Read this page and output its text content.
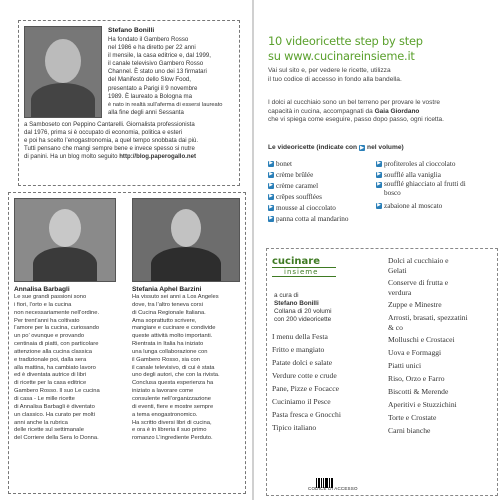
Stefano Bonilli
Ha fondato il Gambero Rosso
nel 1986 e ha diretto per 22 anni
il mensile, la casa editrice e, dal 1999,
il canale televisivo Gambero Rosso
Channel. È stato uno dei 13 firmatari
del Manifesto dello Slow Food,
presentato a Parigi il 9 novembre
1989. È laureato a Bologna ma
è nato in realtà sull’aferma di essersi laureato
alla fine degli anni Sessanta
a Samboseto con Peppino Cantarelli. Giornalista professionista
dal 1976, prima si è occupato di economia, politica e esteri
e poi ha scelto l’enogastronomia, a quel tempo snobbata dai più.
Tutti pensano che mangi sempre bene e invece spesso si nutre
di panini. Ha un blog molto seguito http://blog.paperogallo.net
Annalisa Barbagli
Le sue grandi passioni sono
i fiori, l’orto e la cucina
non necessariamente nell’ordine.
Per trent’anni ha coltivato
l’amore per la cucina, curiosando
un po’ ovunque e provando
centinaia di piatti, con particolare
attenzione alla cucina classica
e tradizionale poi, dalla sera
alla mattina, ha cambiato lavoro
ed è diventata autrice di libri
di ricette per la casa editrice
Gambero Rosso. Il suo Le cucina
di casa - Le mille ricette
di Annalisa Barbagli è diventato
un classico. Ha curato per molti
anni anche la rubrica
delle ricette sul settimanale
del Corriere della Sera Io Donna.
Stefania Aphel Barzini
Ha vissuto sei anni a Los Angeles
dove, tra l’altro teneva corsi
di Cucina Regionale Italiana.
Ama soprattutto scrivere,
mangiare e cucinare e condivide
queste attività molto importanti.
Rientrata in Italia ha iniziato
una lunga collaborazione con
il Gambero Rosso, sia con
il canale televisivo, di cui è stata
uno degli autori, che con la rivista.
Conclusa questa esperienza ha
iniziato a lavorare come
consulente nell’organizzazione
di eventi, fiere e mostre sempre
a tema enogastronomico.
Ha scritto diversi libri di cucina,
e ora è in libreria il suo primo
romanzo L’ingrediente Perduto.
10 videoricette step by step
su www.cucinareinsieme.it
Vai sul sito e, per vedere le ricette, utilizza
il tuo codice di accesso in fondo alla bandella.
I dolci al cucchiaio sono un bel terreno per provare le vostre
capacità in cucina, accompagnati da Gaia Giordano
che vi spiega come eseguire, passo dopo passo, ogni ricetta.
Le videoricette (indicate con ▶ nel volume)
▶ bonet
▶ crème brûlée
▶ crème caramel
▶ crêpes soufflées
▶ mousse al cioccolato
▶ panna cotta al mandarino
▶ profiteroles al cioccolato
▶ soufflé alla vaniglia
▶ soufflé ghiacciato al frutti di bosco
▶ zabaione al moscato
cucinare
insieme
a cura di
Stefano Bonilli
Collana di 20 volumi
con 200 videoricette
I menu della Festa
Fritto e mangiato
Patate dolci e salate
Verdure cotte e crude
Pane, Pizze e Focacce
Cuciniamo il Pesce
Pasta fresca e Gnocchi
Tipico italiano
Dolci al cucchiaio e Gelati
Conserve di frutta e verdura
Zuppe e Minestre
Arrosti, brasati, spezzatini & co
Molluschi e Crostacei
Uova e Formaggi
Piatti unici
Riso, Orzo e Farro
Biscotti & Merende
Aperitivi e Stuzzichini
Torte e Crostate
Carni bianche
CODICE DI ACCESSO
